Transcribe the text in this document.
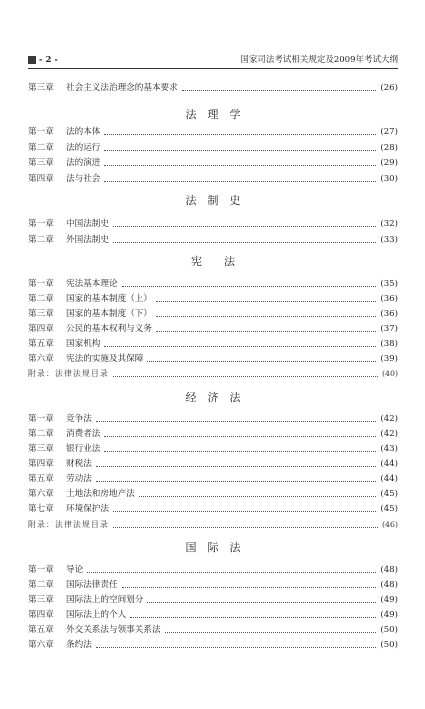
- 2 -	国家司法考试相关规定及2009年考试大纲
第三章	社会主义法治理念的基本要求	(26)
法　理　学
第一章	法的本体	(27)
第二章	法的运行	(28)
第三章	法的演进	(29)
第四章	法与社会	(30)
法　制　史
第一章	中国法制史	(32)
第二章	外国法制史	(33)
宪　　法
第一章	宪法基本理论	(35)
第二章	国家的基本制度（上）	(36)
第三章	国家的基本制度（下）	(36)
第四章	公民的基本权利与义务	(37)
第五章	国家机构	(38)
第六章	宪法的实施及其保障	(39)
附录：法律法规目录	(40)
经　济　法
第一章	竞争法	(42)
第二章	消费者法	(42)
第三章	银行业法	(43)
第四章	财税法	(44)
第五章	劳动法	(44)
第六章	土地法和房地产法	(45)
第七章	环境保护法	(45)
附录：法律法规目录	(46)
国　际　法
第一章	导论	(48)
第二章	国际法律责任	(48)
第三章	国际法上的空间划分	(49)
第四章	国际法上的个人	(49)
第五章	外交关系法与领事关系法	(50)
第六章	条约法	(50)
